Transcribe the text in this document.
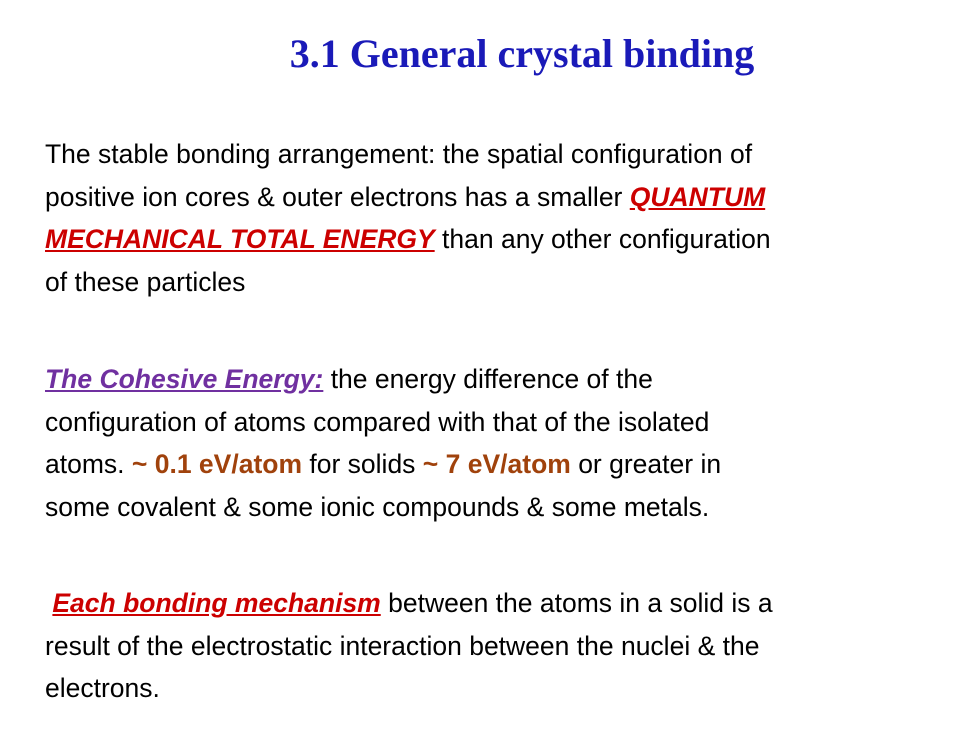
3.1 General crystal binding
The stable bonding arrangement: the spatial configuration of
positive ion cores & outer electrons has a smaller QUANTUM
MECHANICAL TOTAL ENERGY than any other configuration
of these particles
The Cohesive Energy: the energy difference of the
configuration of atoms compared with that of the isolated
atoms. ~ 0.1 eV/atom for solids ~ 7 eV/atom or greater in
some covalent & some ionic compounds & some metals.
Each bonding mechanism between the atoms in a solid is a
result of the electrostatic interaction between the nuclei & the
electrons.
